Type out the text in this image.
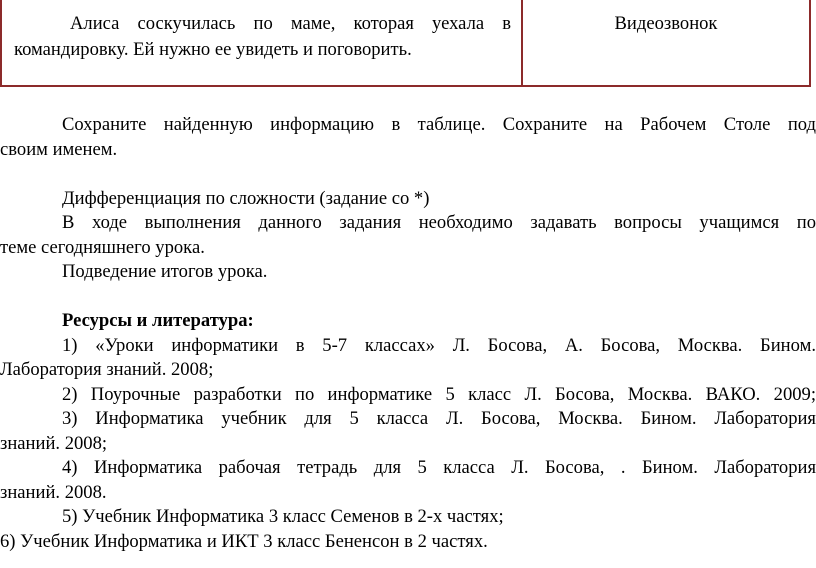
Алиса соскучилась по маме, которая уехала в
командировку. Ей нужно ее увидеть и поговорить.
Видеозвонок
Сохраните найденную информацию в таблице. Сохраните на Рабочем Столе под
своим именем.
Дифференциация по сложности (задание со *)
В ходе выполнения данного задания необходимо задавать вопросы учащимся по
теме сегодняшнего урока.
Подведение итогов урока.
Ресурсы и литература:
1) «Уроки информатики в 5-7 классах» Л. Босова, А. Босова, Москва. Бином.
Лаборатория знаний. 2008;
2) Поурочные разработки по информатике 5 класс Л. Босова, Москва. ВАКО. 2009;
3) Информатика учебник для 5 класса Л. Босова, Москва. Бином. Лаборатория
знаний. 2008;
4) Информатика рабочая тетрадь для 5 класса Л. Босова, . Бином. Лаборатория
знаний. 2008.
5) Учебник Информатика 3 класс Семенов в 2-х частях;
6) Учебник Информатика и ИКТ 3 класс Бененсон в 2 частях.
